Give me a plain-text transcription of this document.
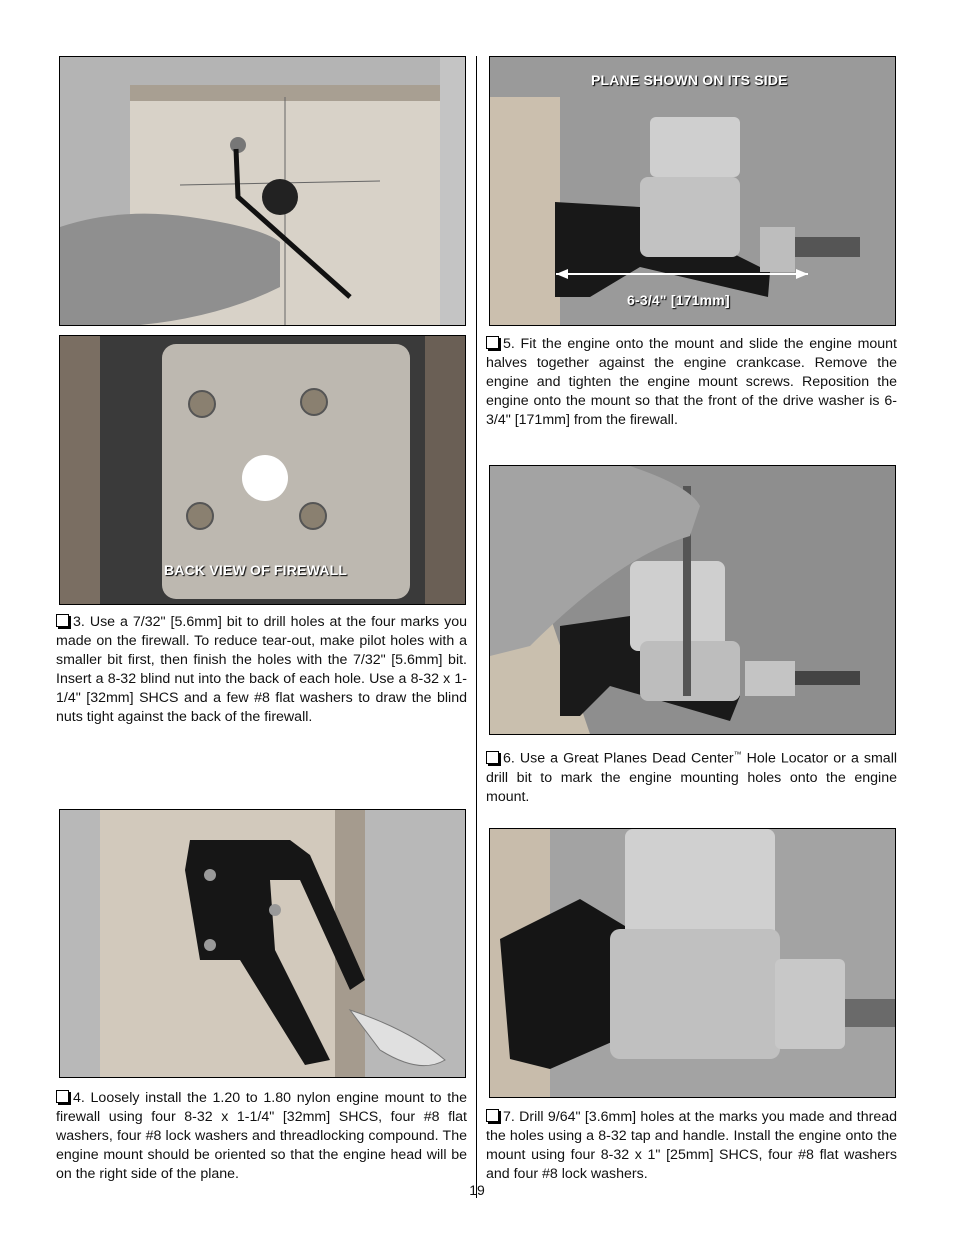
BACK VIEW OF FIREWALL
3. Use a 7/32" [5.6mm] bit to drill holes at the four marks you made on the firewall. To reduce tear-out, make pilot holes with a smaller bit first, then finish the holes with the 7/32" [5.6mm] bit. Insert a 8-32 blind nut into the back of each hole. Use a 8-32 x 1-1/4" [32mm] SHCS and a few #8 flat washers to draw the blind nuts tight against the back of the firewall.
4. Loosely install the 1.20 to 1.80 nylon engine mount to the firewall using four 8-32 x 1-1/4" [32mm] SHCS, four #8 flat washers, four #8 lock washers and threadlocking compound. The engine mount should be oriented so that the engine head will be on the right side of the plane.
PLANE SHOWN ON ITS SIDE
6-3/4" [171mm]
5. Fit the engine onto the mount and slide the engine mount halves together against the engine crankcase. Remove the engine and tighten the engine mount screws. Reposition the engine onto the mount so that the front of the drive washer is 6-3/4" [171mm] from the firewall.
6. Use a Great Planes Dead Center™ Hole Locator or a small drill bit to mark the engine mounting holes onto the engine mount.
7. Drill 9/64" [3.6mm] holes at the marks you made and thread the holes using a 8-32 tap and handle. Install the engine onto the mount using four 8-32 x 1" [25mm] SHCS, four #8 flat washers and four #8 lock washers.
19
